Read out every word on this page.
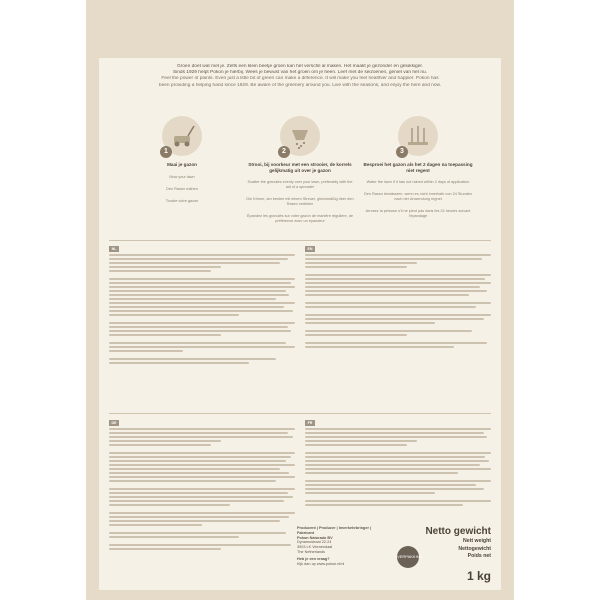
Groen doet wat met je. Zelfs een klein beetje groen kan het verschil al maken. Het maakt je gezonder en gelukkiger.
Sinds 1929 helpt Pokon je hierbij. Wees je bewust van het groen om je heen. Leef met de seizoenen, geniet van het nu.
Feel the power of plants. Even just a little bit of green can make a difference. It will make you feel healthier and happier. Pokon has
been providing a helping hand since 1929. Be aware of the greenery around you. Live with the seasons, and enjoy the here and now.
1
Maai je gazon
Mow your lawn
Den Rasen mähen
Tondre votre gazon
2
Strooi, bij voorkeur met een strooier, de korrels gelijkmatig uit over je gazon
Scatter the granules evenly over your lawn, preferably with the aid of a spreader
Die Körner, am besten mit einem Streuer, gleichmäßig über den Rasen verteilen
Épandez les granulés sur votre gazon de manière régulière, de préférence avec un épandeur
3
Besproei het gazon als het 2 dagen na toepassing niet regent
Water the lawn if it has not rained within 2 days of application
Den Rasen bewässern, wenn es nicht innerhalb von 24 Stunden nach der Anwendung regnet
Arrosez la pelouse s'il ne pleut pas dans les 24 heures suivant l'épandage
NL	EN
DE	FR
Producent | Producer | Inverkehrbringer | Fabricant
Pokon Naturado BV
Dynamostraat 22-24
3903 LK Veenendaal
The Netherlands
Heb je een vraag?
Kijk dan op www.pokon.nl/nl
VERPAKKING
Netto gewicht
Nett weight
Nettogewicht
Poids net
1 kg
